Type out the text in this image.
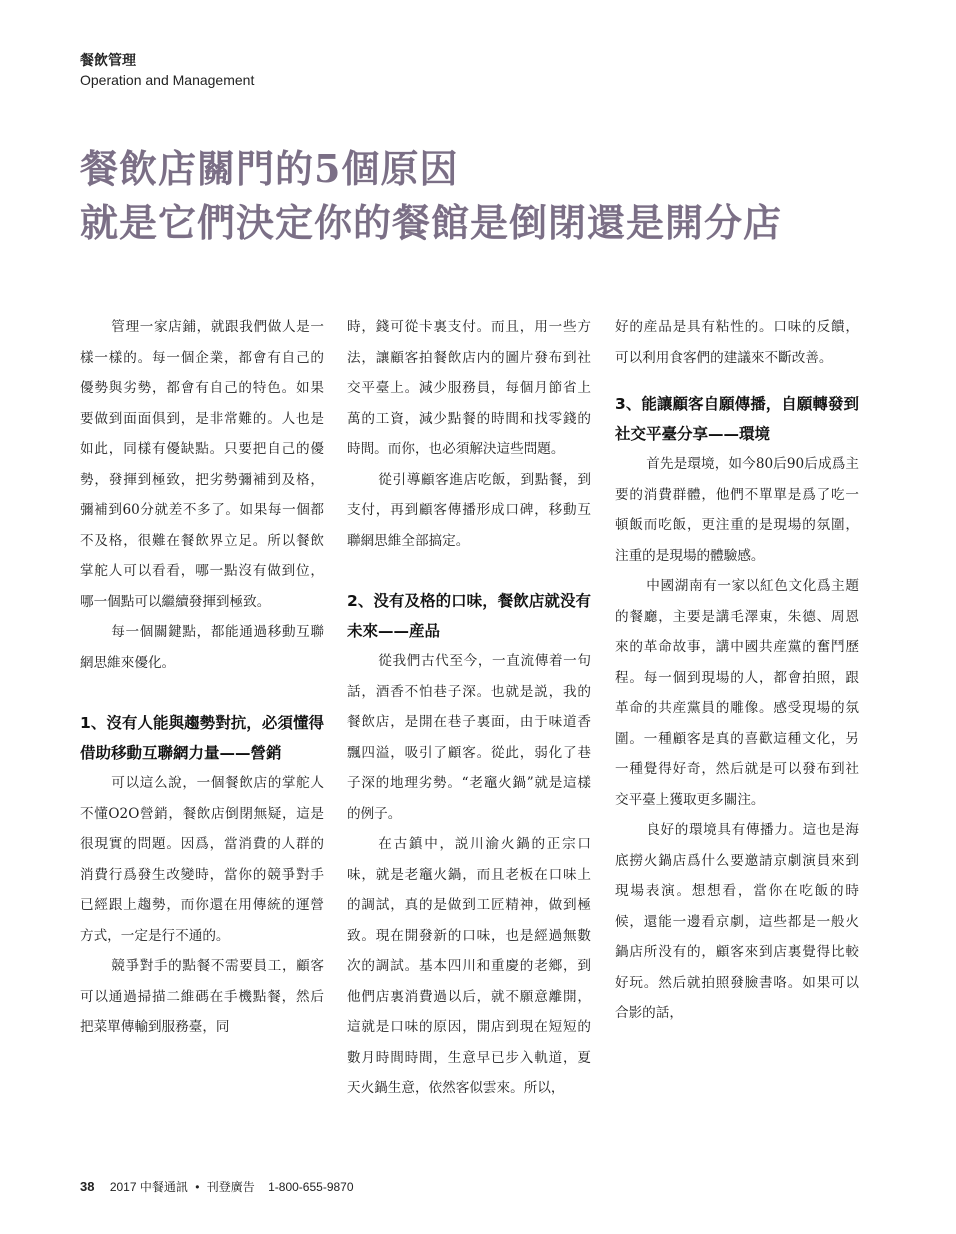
餐飲管理
Operation and Management
餐飲店關門的5個原因
就是它們決定你的餐館是倒閉還是開分店

管理一家店鋪，就跟我們做人是一樣一樣的。每一個企業，都會有自己的優勢與劣勢，都會有自己的特色。如果要做到面面俱到，是非常難的。人也是如此，同樣有優缺點。只要把自己的優勢，發揮到極致，把劣勢彌補到及格，彌補到60分就差不多了。如果每一個都不及格，很難在餐飲界立足。所以餐飲掌舵人可以看看，哪一點沒有做到位，哪一個點可以繼續發揮到極致。

每一個關鍵點，都能通過移動互聯網思維來優化。

1、沒有人能與趨勢對抗，必須懂得借助移動互聯網力量——營銷

可以這么說，一個餐飲店的掌舵人不懂O2O營銷，餐飲店倒閉無疑，這是很現實的問題。因爲，當消費的人群的消費行爲發生改變時，當你的競爭對手已經跟上趨勢，而你還在用傳統的運營方式，一定是行不通的。

競爭對手的點餐不需要員工，顧客可以通過掃描二維碼在手機點餐，然后把菜單傳輸到服務臺，同

時，錢可從卡裏支付。而且，用一些方法，讓顧客拍餐飲店内的圖片發布到社交平臺上。減少服務員，每個月節省上萬的工資，減少點餐的時間和找零錢的時間。而你，也必須解決這些問題。

從引導顧客進店吃飯，到點餐，到支付，再到顧客傳播形成口碑，移動互聯網思維全部搞定。

2、没有及格的口味，餐飲店就没有未來——産品

從我們古代至今，一直流傳着一句話，酒香不怕巷子深。也就是説，我的餐飲店，是開在巷子裏面，由于味道香飄四溢，吸引了顧客。從此，弱化了巷子深的地理劣勢。“老竈火鍋”就是這樣的例子。

在古鎮中，説川渝火鍋的正宗口味，就是老竈火鍋，而且老板在口味上的調試，真的是做到工匠精神，做到極致。現在開發新的口味，也是經過無數次的調試。基本四川和重慶的老鄉，到他們店裏消費過以后，就不願意離開，這就是口味的原因，開店到現在短短的數月時間時間，生意早已步入軌道，夏天火鍋生意，依然客似雲來。所以，

好的産品是具有粘性的。口味的反饋，可以利用食客們的建議來不斷改善。

3、能讓顧客自願傳播，自願轉發到社交平臺分享——環境

首先是環境，如今80后90后成爲主要的消費群體，他們不單單是爲了吃一頓飯而吃飯，更注重的是現場的氛圍，注重的是現場的體驗感。

中國湖南有一家以紅色文化爲主題的餐廳，主要是講毛澤東，朱德、周恩來的革命故事，講中國共産黨的奮鬥歷程。每一個到現場的人，都會拍照，跟革命的共産黨員的雕像。感受現場的氛圍。一種顧客是真的喜歡這種文化，另一種覺得好奇，然后就是可以發布到社交平臺上獲取更多關注。

良好的環境具有傳播力。這也是海底撈火鍋店爲什么要邀請京劇演員來到現場表演。想想看，當你在吃飯的時候，還能一邊看京劇，這些都是一般火鍋店所没有的，顧客來到店裏覺得比較好玩。然后就拍照發臉書咯。如果可以合影的話，

38 2017 中餐通訊 • 刊登廣告 1-800-655-9870
